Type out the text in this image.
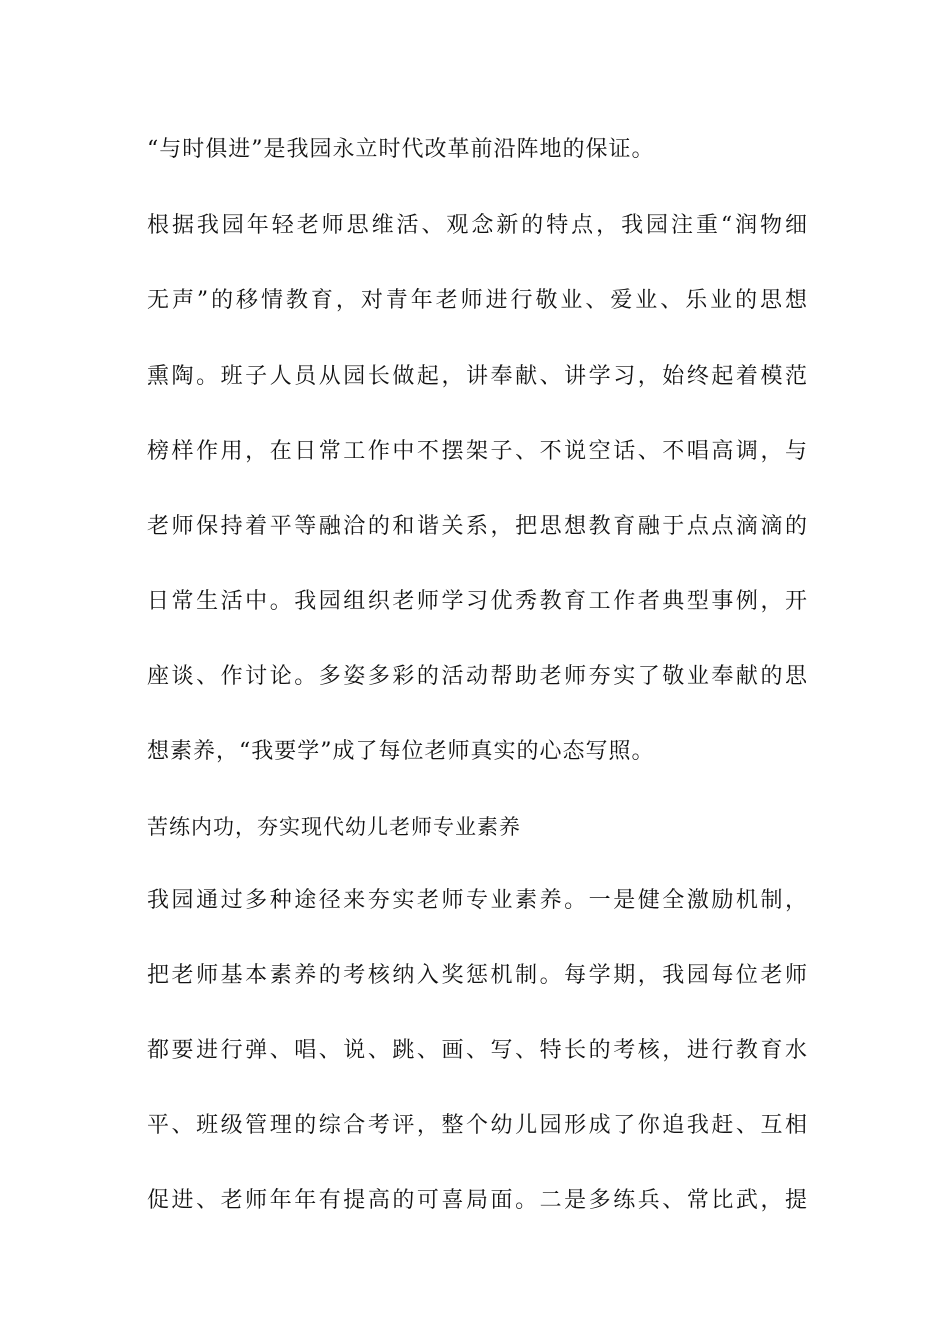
“与时俱进”是我园永立时代改革前沿阵地的保证。
根据我园年轻老师思维活、观念新的特点，我园注重“润物细
无声”的移情教育，对青年老师进行敬业、爱业、乐业的思想
熏陶。班子人员从园长做起，讲奉献、讲学习，始终起着模范
榜样作用，在日常工作中不摆架子、不说空话、不唱高调，与
老师保持着平等融洽的和谐关系，把思想教育融于点点滴滴的
日常生活中。我园组织老师学习优秀教育工作者典型事例，开
座谈、作讨论。多姿多彩的活动帮助老师夯实了敬业奉献的思
想素养，“我要学”成了每位老师真实的心态写照。
苦练内功，夯实现代幼儿老师专业素养
我园通过多种途径来夯实老师专业素养。一是健全激励机制，
把老师基本素养的考核纳入奖惩机制。每学期，我园每位老师
都要进行弹、唱、说、跳、画、写、特长的考核，进行教育水
平、班级管理的综合考评，整个幼儿园形成了你追我赶、互相
促进、老师年年有提高的可喜局面。二是多练兵、常比武，提
